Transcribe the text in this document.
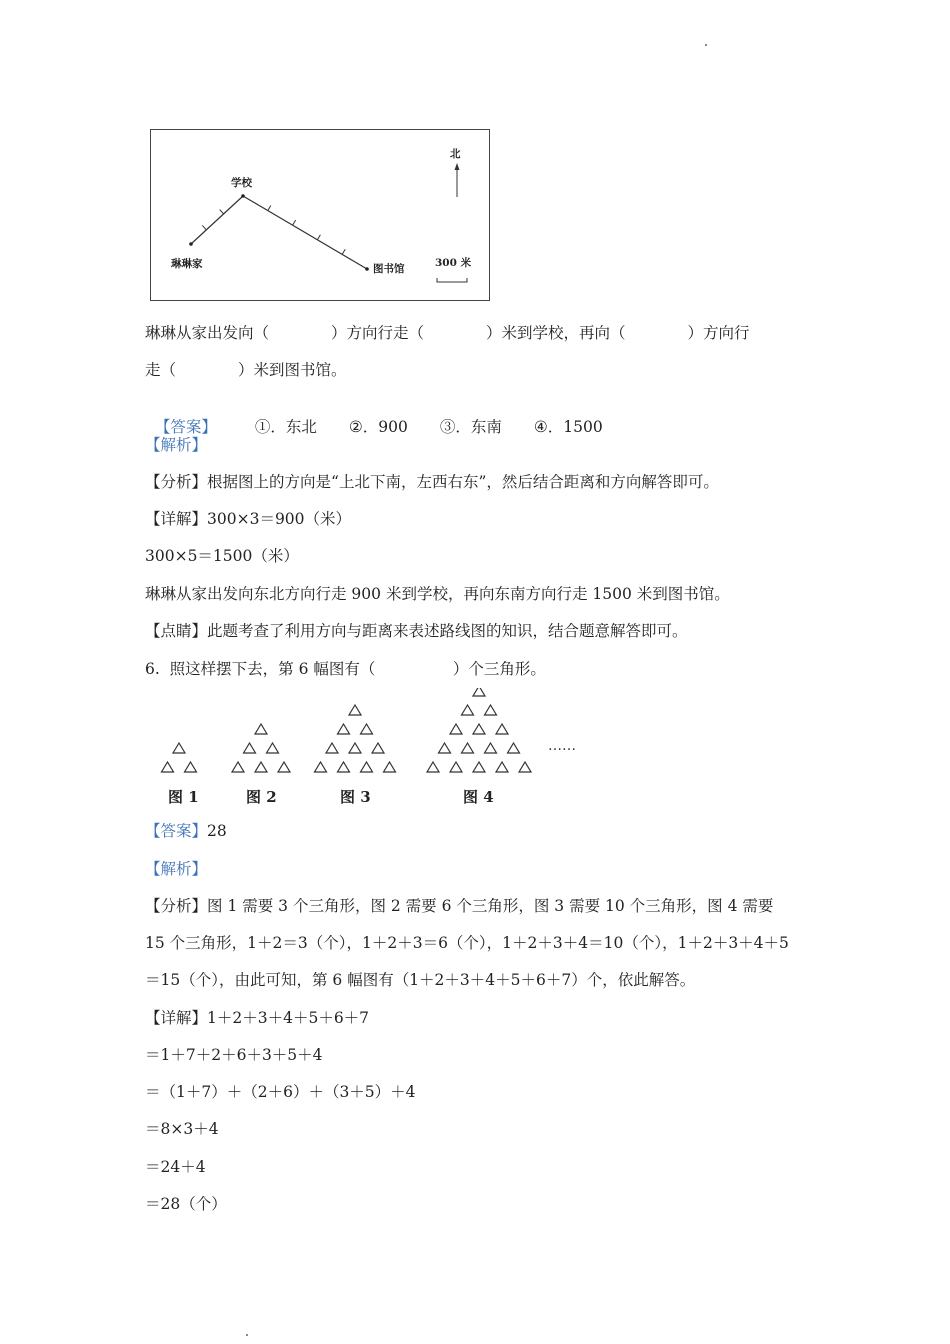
学校
琳琳家	图书馆
北
300 米
琳琳从家出发向（　　　　）方向行走（　　　　）米到学校，再向（　　　　）方向行
走（　　　　）米到图书馆。

【答案】 ①．东北 ②．900 ③．东南 ④．1500

【解析】
【分析】根据图上的方向是“上北下南，左西右东”，然后结合距离和方向解答即可。
【详解】300×3＝900（米）
300×5＝1500（米）
琳琳从家出发向东北方向行走 900 米到学校，再向东南方向行走 1500 米到图书馆。
【点睛】此题考查了利用方向与距离来表述路线图的知识，结合题意解答即可。
6.  照这样摆下去，第 6 幅图有（　　　　　）个三角形。
图 1	图 2	图 3	图 4
……
【答案】28
【解析】
【分析】图 1 需要 3 个三角形，图 2 需要 6 个三角形，图 3 需要 10 个三角形，图 4 需要
15 个三角形，1＋2＝3（个），1＋2＋3＝6（个），1＋2＋3＋4＝10（个），1＋2＋3＋4＋5
＝15（个），由此可知，第 6 幅图有（1＋2＋3＋4＋5＋6＋7）个，依此解答。
【详解】1＋2＋3＋4＋5＋6＋7
＝1＋7＋2＋6＋3＋5＋4
＝（1＋7）＋（2＋6）＋（3＋5）＋4
＝8×3＋4
＝24＋4
＝28（个）
